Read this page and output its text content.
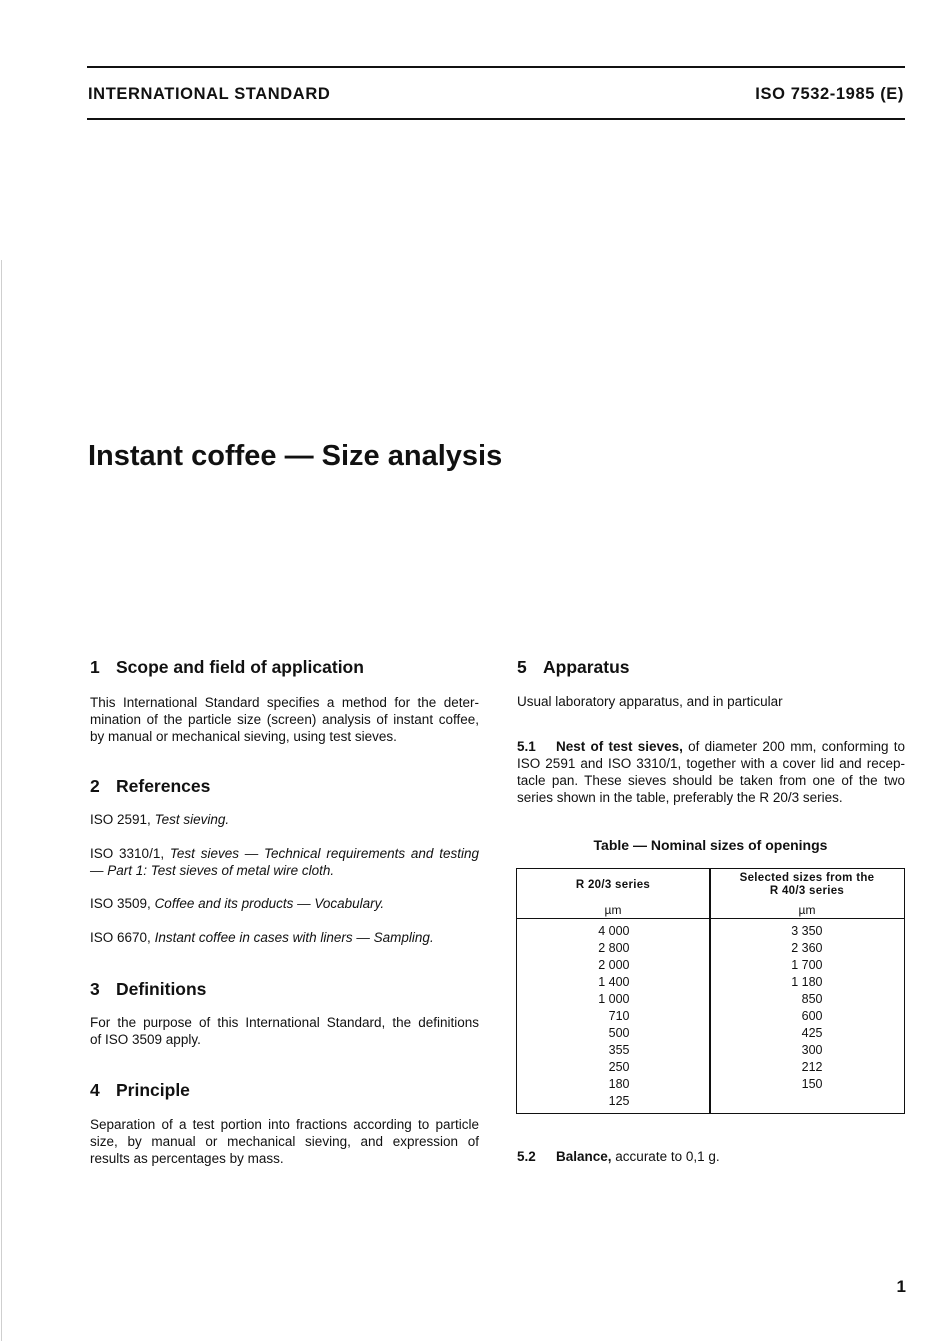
INTERNATIONAL STANDARD	ISO 7532-1985 (E)
Instant coffee — Size analysis
1 Scope and field of application
This International Standard specifies a method for the deter-
mination of the particle size (screen) analysis of instant coffee,
by manual or mechanical sieving, using test sieves.
2 References
ISO 2591, Test sieving.
ISO 3310/1, Test sieves — Technical requirements and testing
— Part 1: Test sieves of metal wire cloth.
ISO 3509, Coffee and its products — Vocabulary.
ISO 6670, Instant coffee in cases with liners — Sampling.
3 Definitions
For the purpose of this International Standard, the definitions
of ISO 3509 apply.
4 Principle
Separation of a test portion into fractions according to particle
size, by manual or mechanical sieving, and expression of
results as percentages by mass.
5 Apparatus
Usual laboratory apparatus, and in particular
5.1 Nest of test sieves, of diameter 200 mm, conforming to
ISO 2591 and ISO 3310/1, together with a cover lid and recep-
tacle pan. These sieves should be taken from one of the two
series shown in the table, preferably the R 20/3 series.
Table — Nominal sizes of openings
R 20/3 series
Selected sizes from the
R 40/3 series
µm	µm
4 000
2 800
2 000
1 400
1 000
710
500
355
250
180
125
3 350
2 360
1 700
1 180
850
600
425
300
212
150
5.2 Balance, accurate to 0,1 g.
1
